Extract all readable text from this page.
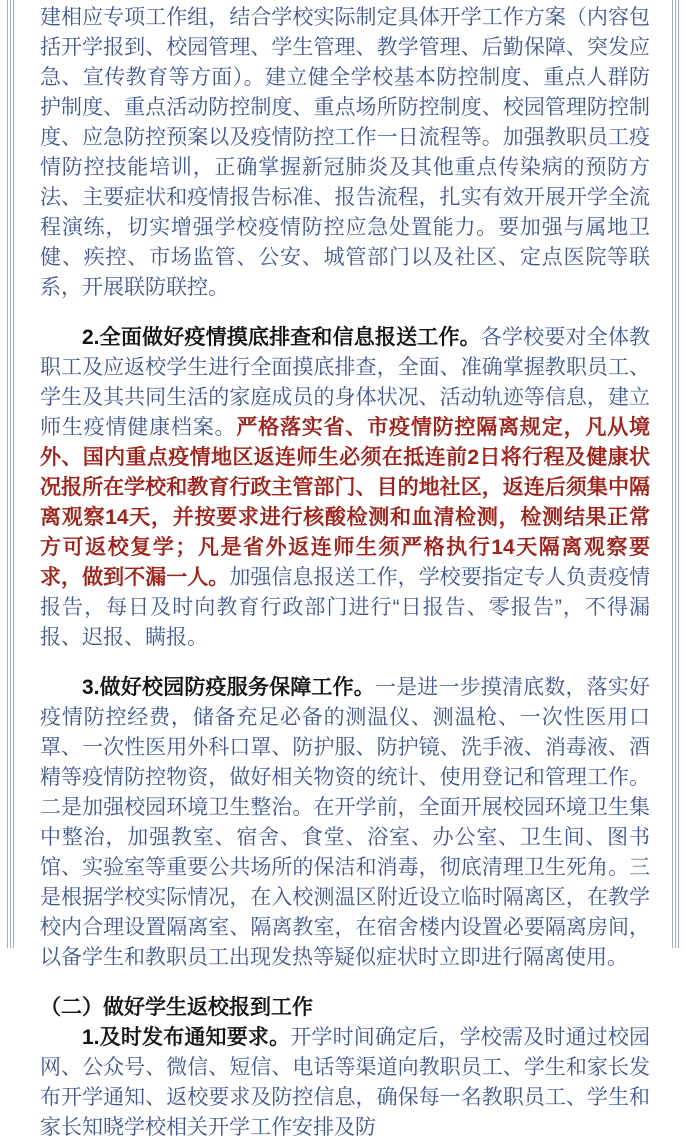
建相应专项工作组，结合学校实际制定具体开学工作方案（内容包括开学报到、校园管理、学生管理、教学管理、后勤保障、突发应急、宣传教育等方面）。建立健全学校基本防控制度、重点人群防护制度、重点活动防控制度、重点场所防控制度、校园管理防控制度、应急防控预案以及疫情防控工作一日流程等。加强教职员工疫情防控技能培训，正确掌握新冠肺炎及其他重点传染病的预防方法、主要症状和疫情报告标准、报告流程，扎实有效开展开学全流程演练，切实增强学校疫情防控应急处置能力。要加强与属地卫健、疾控、市场监管、公安、城管部门以及社区、定点医院等联系，开展联防联控。

2.全面做好疫情摸底排查和信息报送工作。各学校要对全体教职工及应返校学生进行全面摸底排查，全面、准确掌握教职员工、学生及其共同生活的家庭成员的身体状况、活动轨迹等信息，建立师生疫情健康档案。严格落实省、市疫情防控隔离规定，凡从境外、国内重点疫情地区返连师生必须在抵连前2日将行程及健康状况报所在学校和教育行政主管部门、目的地社区，返连后须集中隔离观察14天，并按要求进行核酸检测和血清检测，检测结果正常方可返校复学；凡是省外返连师生须严格执行14天隔离观察要求，做到不漏一人。加强信息报送工作，学校要指定专人负责疫情报告，每日及时向教育行政部门进行“日报告、零报告”，不得漏报、迟报、瞒报。

3.做好校园防疫服务保障工作。一是进一步摸清底数，落实好疫情防控经费，储备充足必备的测温仪、测温枪、一次性医用口罩、一次性医用外科口罩、防护服、防护镜、洗手液、消毒液、酒精等疫情防控物资，做好相关物资的统计、使用登记和管理工作。二是加强校园环境卫生整治。在开学前，全面开展校园环境卫生集中整治，加强教室、宿舍、食堂、浴室、办公室、卫生间、图书馆、实验室等重要公共场所的保洁和消毒，彻底清理卫生死角。三是根据学校实际情况，在入校测温区附近设立临时隔离区，在教学校内合理设置隔离室、隔离教室，在宿舍楼内设置必要隔离房间，以备学生和教职员工出现发热等疑似症状时立即进行隔离使用。

（二）做好学生返校报到工作

1.及时发布通知要求。开学时间确定后，学校需及时通过校园网、公众号、微信、短信、电话等渠道向教职员工、学生和家长发布开学通知、返校要求及防控信息，确保每一名教职员工、学生和家长知晓学校相关开学工作安排及防
